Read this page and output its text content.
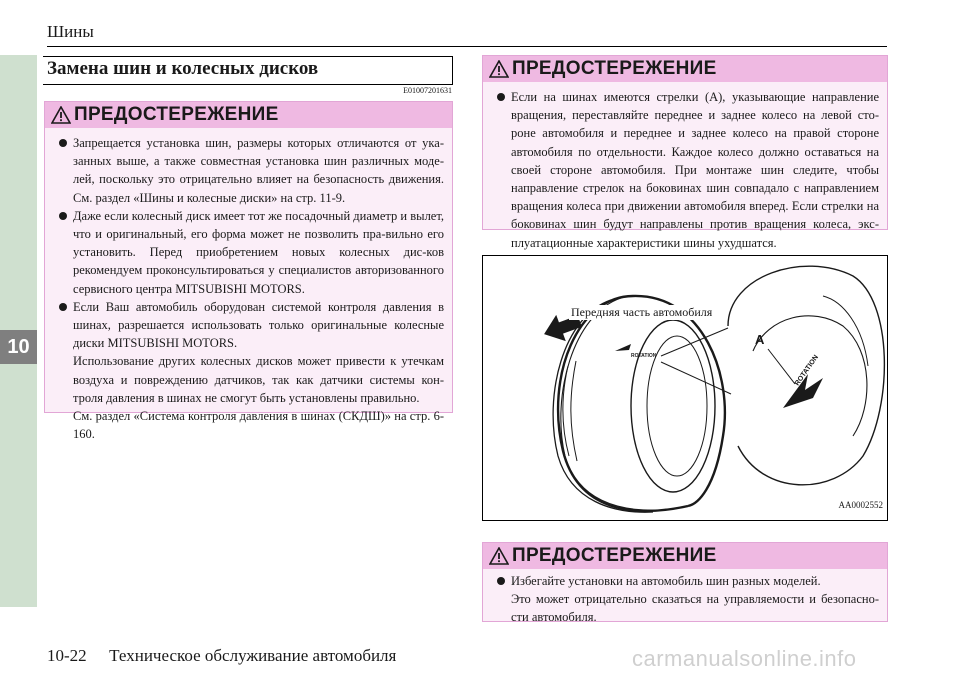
10
Шины
Замена шин и колесных дисков
E01007201631
ПРЕДОСТЕРЕЖЕНИЕ
Запрещается установка шин, размеры которых отличаются от ука-занных выше, а также совместная установка шин различных моде-лей, поскольку это отрицательно влияет на безопасность движения. См. раздел «Шины и колесные диски» на стр. 11-9.
Даже если колесный диск имеет тот же посадочный диаметр и вылет, что и оригинальный, его форма может не позволить пра-вильно его установить. Перед приобретением новых колесных дис-ков рекомендуем проконсультироваться у специалистов авторизованного сервисного центра MITSUBISHI MOTORS.
Если Ваш автомобиль оборудован системой контроля давления в шинах, разрешается использовать только оригинальные колесные диски MITSUBISHI MOTORS.
Использование других колесных дисков может привести к утечкам воздуха и повреждению датчиков, так как датчики системы кон-троля давления в шинах не смогут быть установлены правильно.
См. раздел «Система контроля давления в шинах (СКДШ)» на стр. 6-160.
ПРЕДОСТЕРЕЖЕНИЕ
Если на шинах имеются стрелки (A), указывающие направление вращения, переставляйте переднее и заднее колесо на левой сто-роне автомобиля и переднее и заднее колесо на правой стороне автомобиля по отдельности. Каждое колесо должно оставаться на своей стороне автомобиля. При монтаже шин следите, чтобы направление стрелок на боковинах шин совпадало с направлением вращения колеса при движении автомобиля вперед. Если стрелки на боковинах шин будут направлены против вращения колеса, экс-плуатационные характеристики шины ухудшатся.
ROTATION
A
ROTATION
Передняя часть автомобиля
AA0002552
ПРЕДОСТЕРЕЖЕНИЕ
Избегайте установки на автомобиль шин разных моделей.
Это может отрицательно сказаться на управляемости и безопасно-сти автомобиля.
10-22 Техническое обслуживание автомобиля	carmanualsonline.info
